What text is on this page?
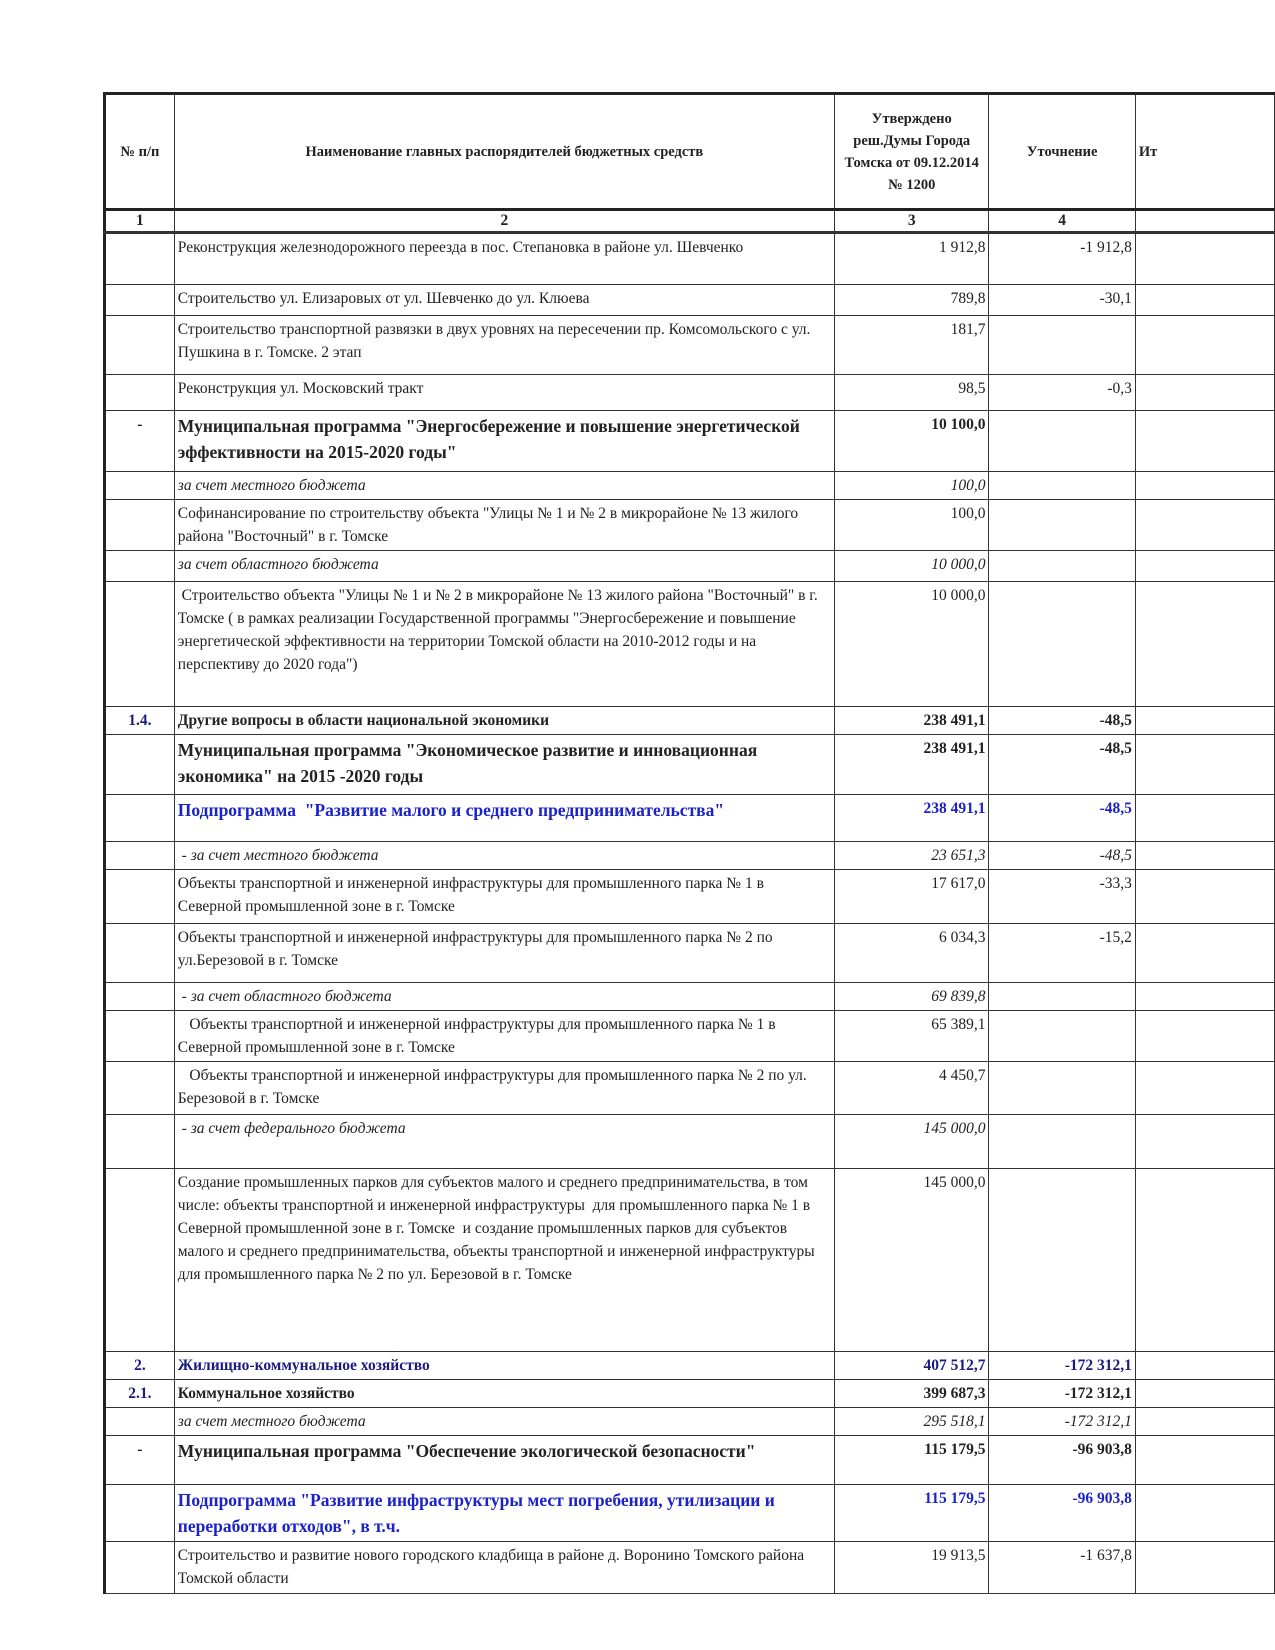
№ п/п	Наименование главных распорядителей бюджетных средств	Утверждено реш.Думы Города Томска от 09.12.2014 № 1200	Уточнение	Ит
1	2	3	4	
	Реконструкция железнодорожного переезда в пос. Степановка в районе ул. Шевченко	1 912,8	-1 912,8	
	Строительство ул. Елизаровых от ул. Шевченко до ул. Клюева	789,8	-30,1	
	Строительство транспортной развязки в двух уровнях на пересечении пр. Комсомольского с ул. Пушкина в г. Томске. 2 этап	181,7		
	Реконструкция ул. Московский тракт	98,5	-0,3	
-	Муниципальная программа "Энергосбережение и повышение энергетической эффективности на 2015-2020 годы"	10 100,0		
	за счет местного бюджета	100,0		
	Софинансирование по строительству объекта "Улицы № 1 и № 2 в микрорайоне № 13 жилого района "Восточный" в г. Томске	100,0		
	за счет областного бюджета	10 000,0		
	Строительство объекта "Улицы № 1 и № 2 в микрорайоне № 13 жилого района "Восточный" в г. Томске ( в рамках реализации Государственной программы "Энергосбережение и повышение энергетической эффективности на территории Томской области на 2010-2012 годы и на перспективу до 2020 года")	10 000,0		
1.4.	Другие вопросы в области национальной экономики	238 491,1	-48,5	
	Муниципальная программа "Экономическое развитие и инновационная экономика" на 2015 -2020 годы	238 491,1	-48,5	
	Подпрограмма  "Развитие малого и среднего предпринимательства"	238 491,1	-48,5	
	- за счет местного бюджета	23 651,3	-48,5	
	Объекты транспортной и инженерной инфраструктуры для промышленного парка № 1 в Северной промышленной зоне в г. Томске	17 617,0	-33,3	
	Объекты транспортной и инженерной инфраструктуры для промышленного парка № 2 по ул.Березовой в г. Томске	6 034,3	-15,2	
	- за счет областного бюджета	69 839,8		
	Объекты транспортной и инженерной инфраструктуры для промышленного парка № 1 в Северной промышленной зоне в г. Томске	65 389,1		
	Объекты транспортной и инженерной инфраструктуры для промышленного парка № 2 по ул. Березовой в г. Томске	4 450,7		
	- за счет федерального бюджета	145 000,0		
	Создание промышленных парков для субъектов малого и среднего предпринимательства, в том числе: объекты транспортной и инженерной инфраструктуры  для промышленного парка № 1 в Северной промышленной зоне в г. Томске  и создание промышленных парков для субъектов малого и среднего предпринимательства, объекты транспортной и инженерной инфраструктуры для промышленного парка № 2 по ул. Березовой в г. Томске	145 000,0		
2.	Жилищно-коммунальное хозяйство	407 512,7	-172 312,1	
2.1.	Коммунальное хозяйство	399 687,3	-172 312,1	
	за счет местного бюджета	295 518,1	-172 312,1	
-	Муниципальная программа "Обеспечение экологической безопасности"	115 179,5	-96 903,8	
	Подпрограмма "Развитие инфраструктуры мест погребения, утилизации и переработки отходов", в т.ч.	115 179,5	-96 903,8	
	Строительство и развитие нового городского кладбища в районе д. Воронино Томского района Томской области	19 913,5	-1 637,8	
